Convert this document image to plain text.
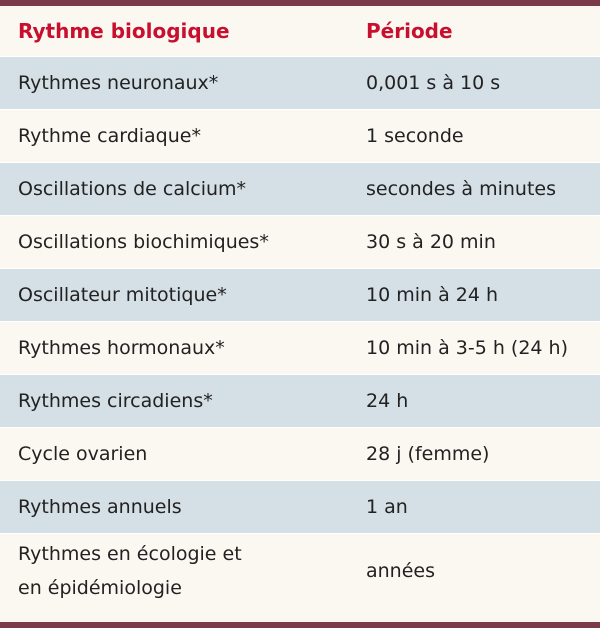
Rythme biologique	Période
Rythmes neuronaux*	0,001 s à 10 s
Rythme cardiaque*	1 seconde
Oscillations de calcium*	secondes à minutes
Oscillations biochimiques*	30 s à 20 min
Oscillateur mitotique*	10 min à 24 h
Rythmes hormonaux*	10 min à 3-5 h (24 h)
Rythmes circadiens*	24 h
Cycle ovarien	28 j (femme)
Rythmes annuels	1 an
Rythmes en écologie et
en épidémiologie	années
